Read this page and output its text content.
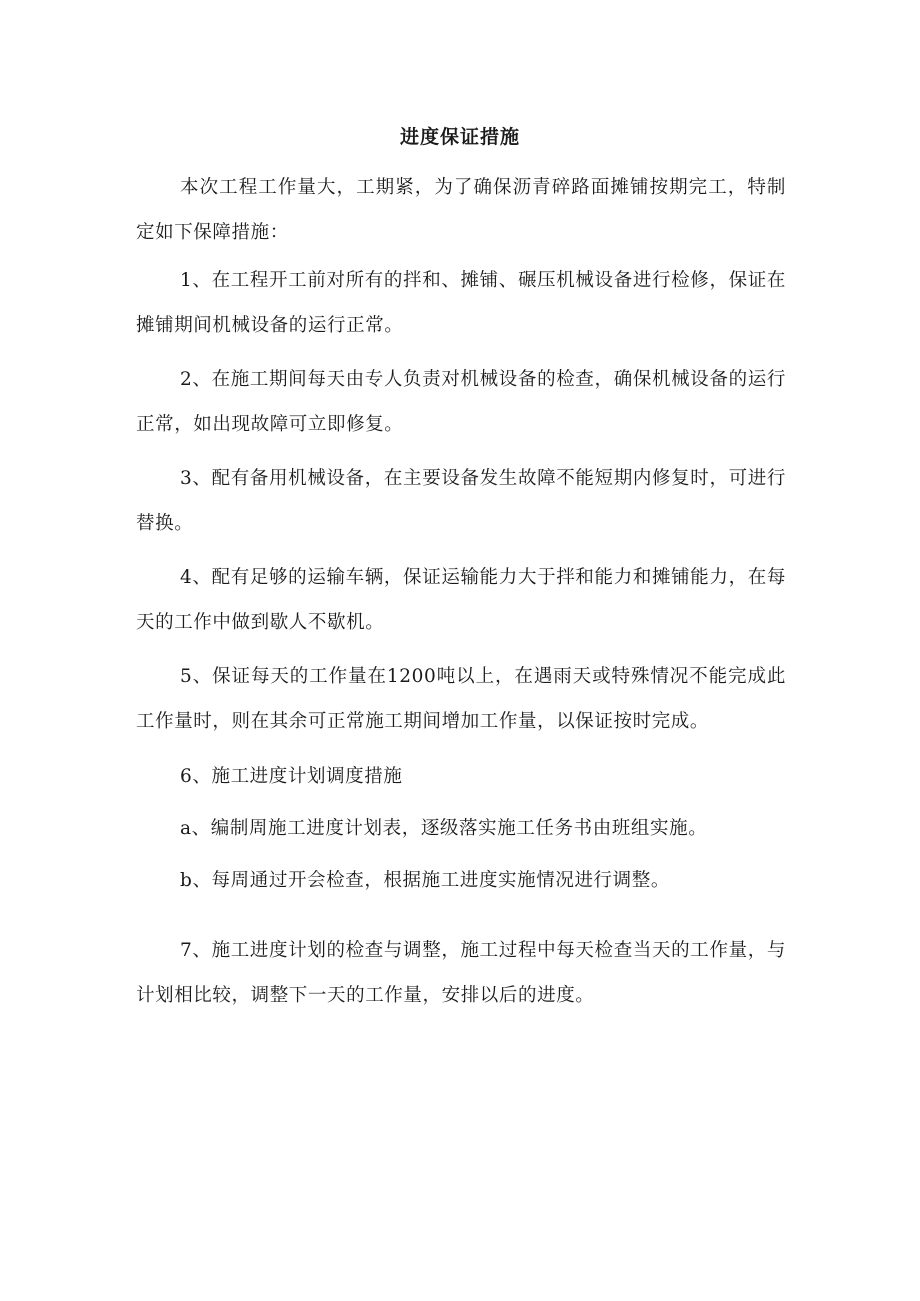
进度保证措施

本次工程工作量大，工期紧，为了确保沥青碎路面摊铺按期完工，特制定如下保障措施：

1、在工程开工前对所有的拌和、摊铺、碾压机械设备进行检修，保证在摊铺期间机械设备的运行正常。

2、在施工期间每天由专人负责对机械设备的检查，确保机械设备的运行正常，如出现故障可立即修复。

3、配有备用机械设备，在主要设备发生故障不能短期内修复时，可进行替换。

4、配有足够的运输车辆，保证运输能力大于拌和能力和摊铺能力，在每天的工作中做到歇人不歇机。

5、保证每天的工作量在1200吨以上，在遇雨天或特殊情况不能完成此工作量时，则在其余可正常施工期间增加工作量，以保证按时完成。

6、施工进度计划调度措施

a、编制周施工进度计划表，逐级落实施工任务书由班组实施。

b、每周通过开会检查，根据施工进度实施情况进行调整。

7、施工进度计划的检查与调整，施工过程中每天检查当天的工作量，与计划相比较，调整下一天的工作量，安排以后的进度。
